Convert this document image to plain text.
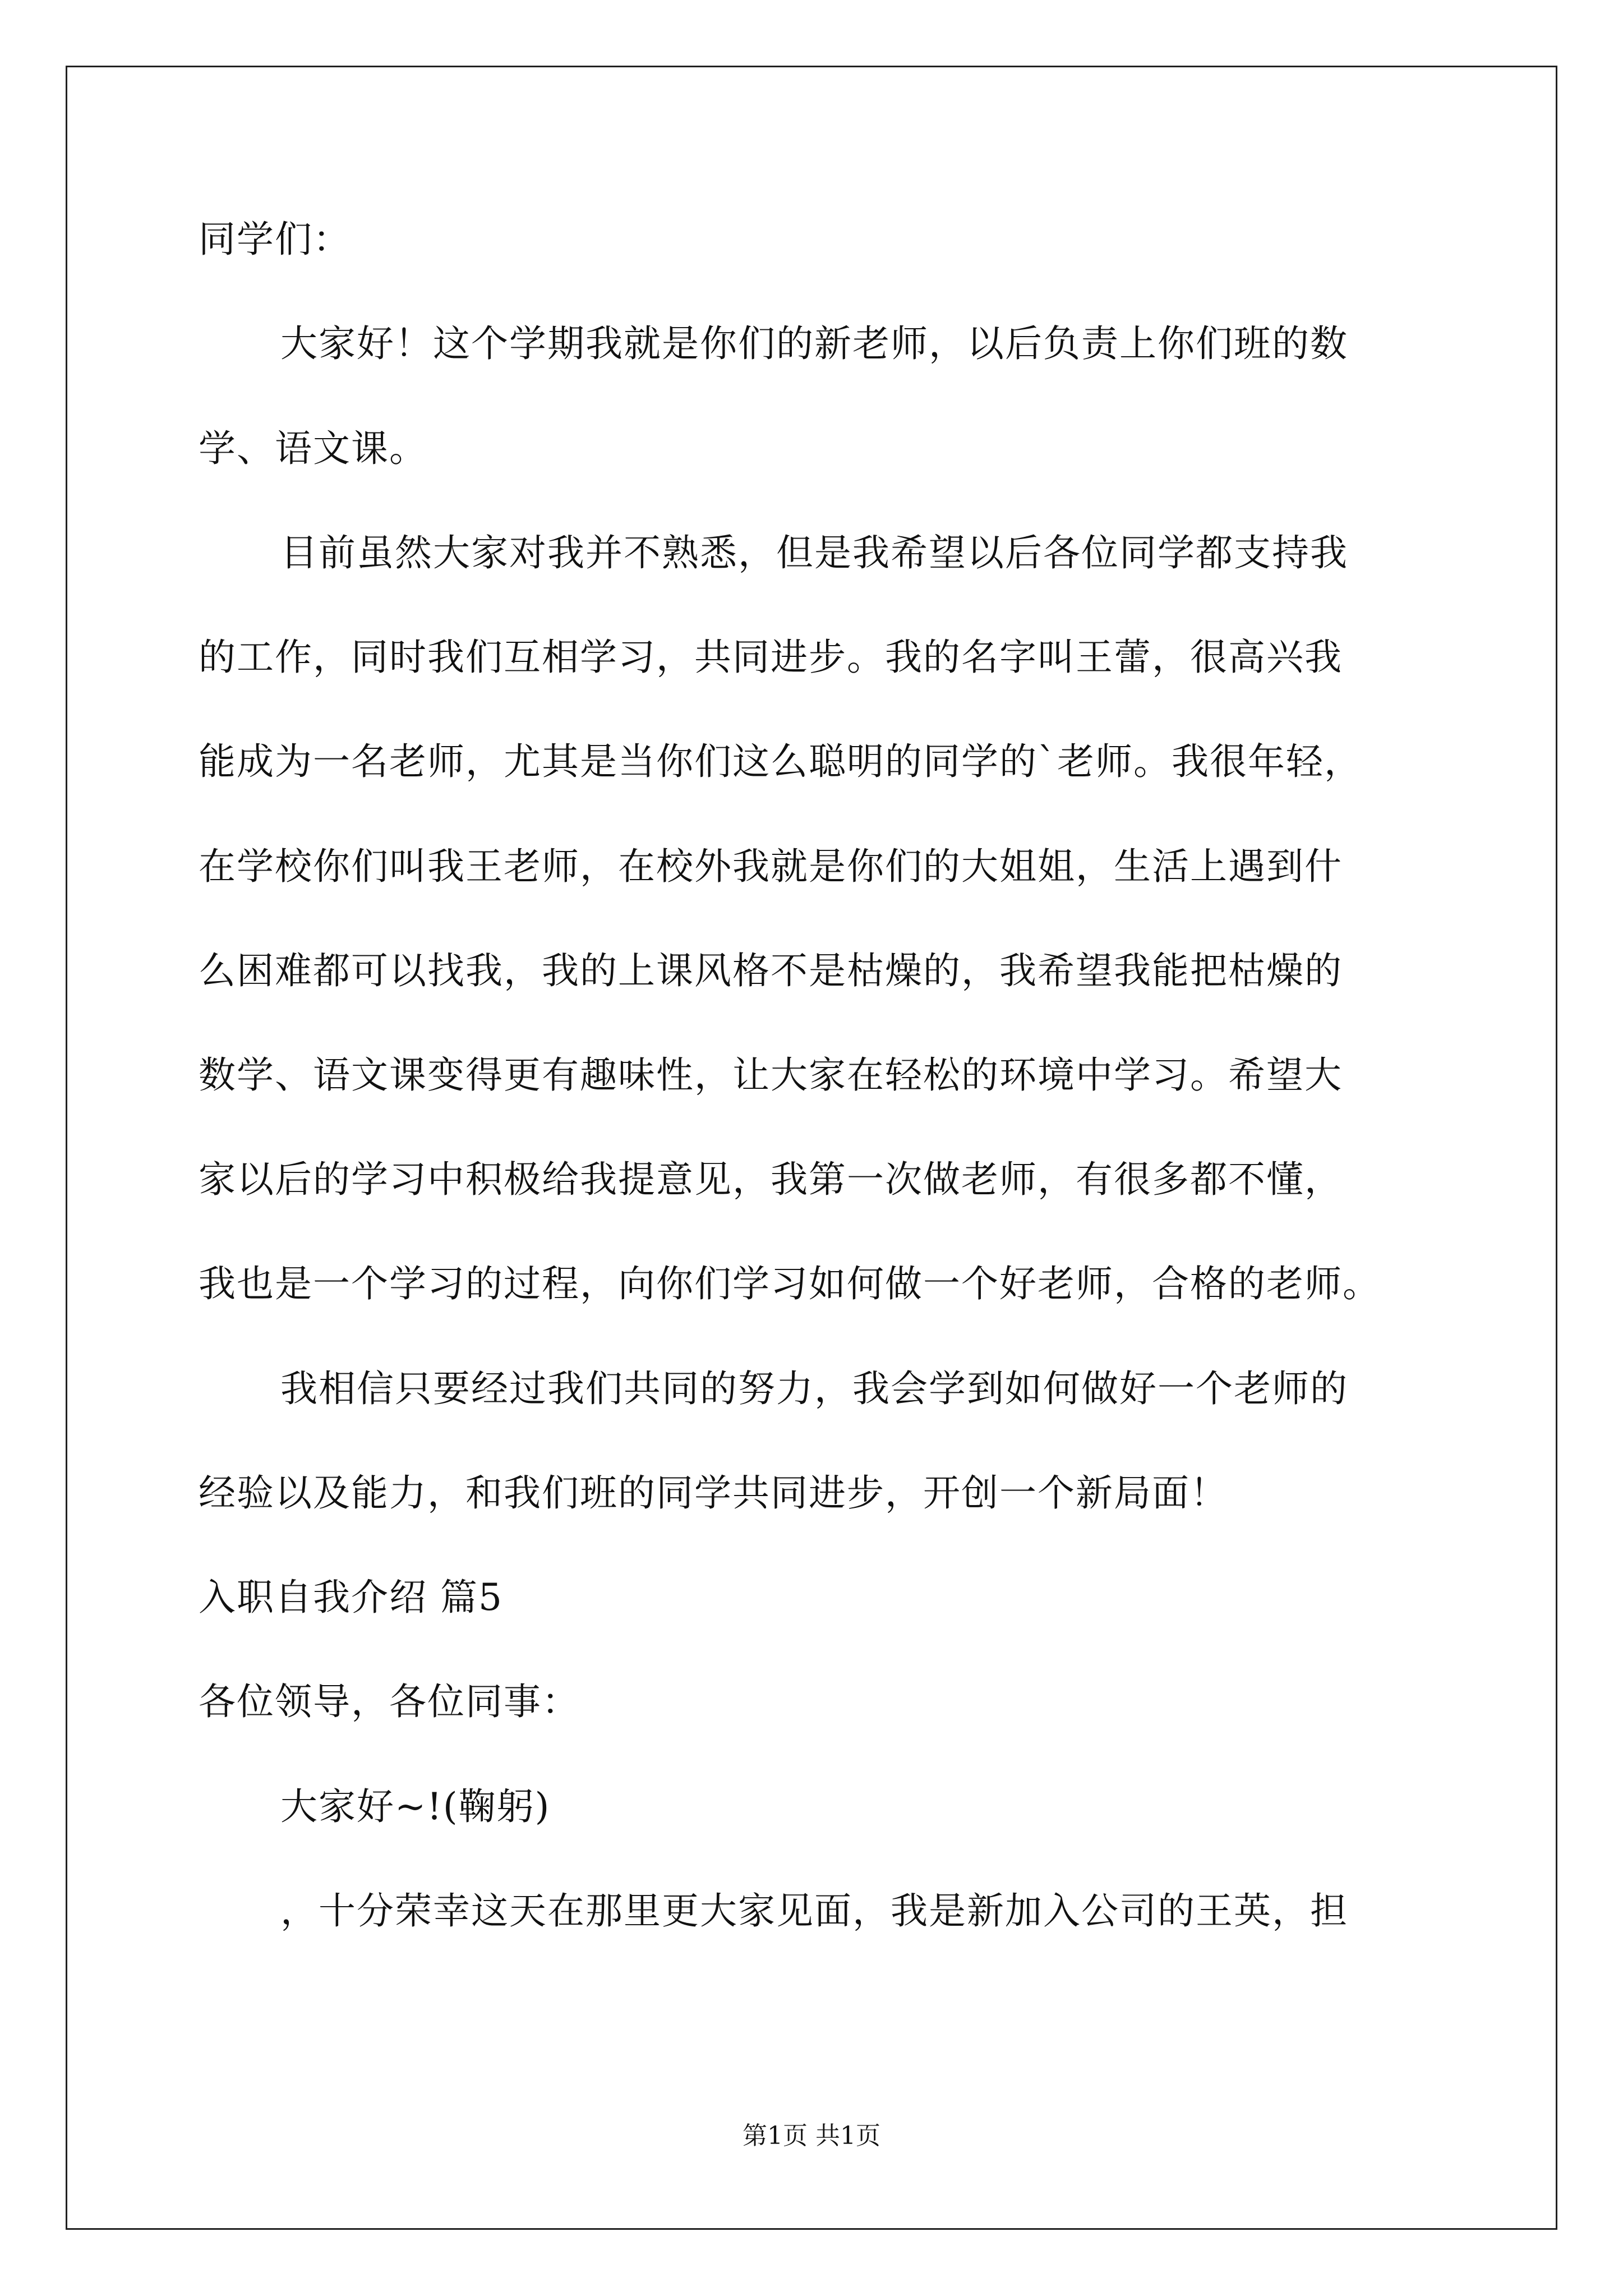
同学们：
大家好！这个学期我就是你们的新老师，以后负责上你们班的数
学、语文课。
目前虽然大家对我并不熟悉，但是我希望以后各位同学都支持我
的工作，同时我们互相学习，共同进步。我的名字叫王蕾，很高兴我
能成为一名老师，尤其是当你们这么聪明的同学的`老师。我很年轻，
在学校你们叫我王老师，在校外我就是你们的大姐姐，生活上遇到什
么困难都可以找我，我的上课风格不是枯燥的，我希望我能把枯燥的
数学、语文课变得更有趣味性，让大家在轻松的环境中学习。希望大
家以后的学习中积极给我提意见，我第一次做老师，有很多都不懂，
我也是一个学习的过程，向你们学习如何做一个好老师，合格的老师。
我相信只要经过我们共同的努力，我会学到如何做好一个老师的
经验以及能力，和我们班的同学共同进步，开创一个新局面！
入职自我介绍 篇5
各位领导，各位同事：
大家好~!(鞠躬)
，十分荣幸这天在那里更大家见面，我是新加入公司的王英，担
第1页 共1页
